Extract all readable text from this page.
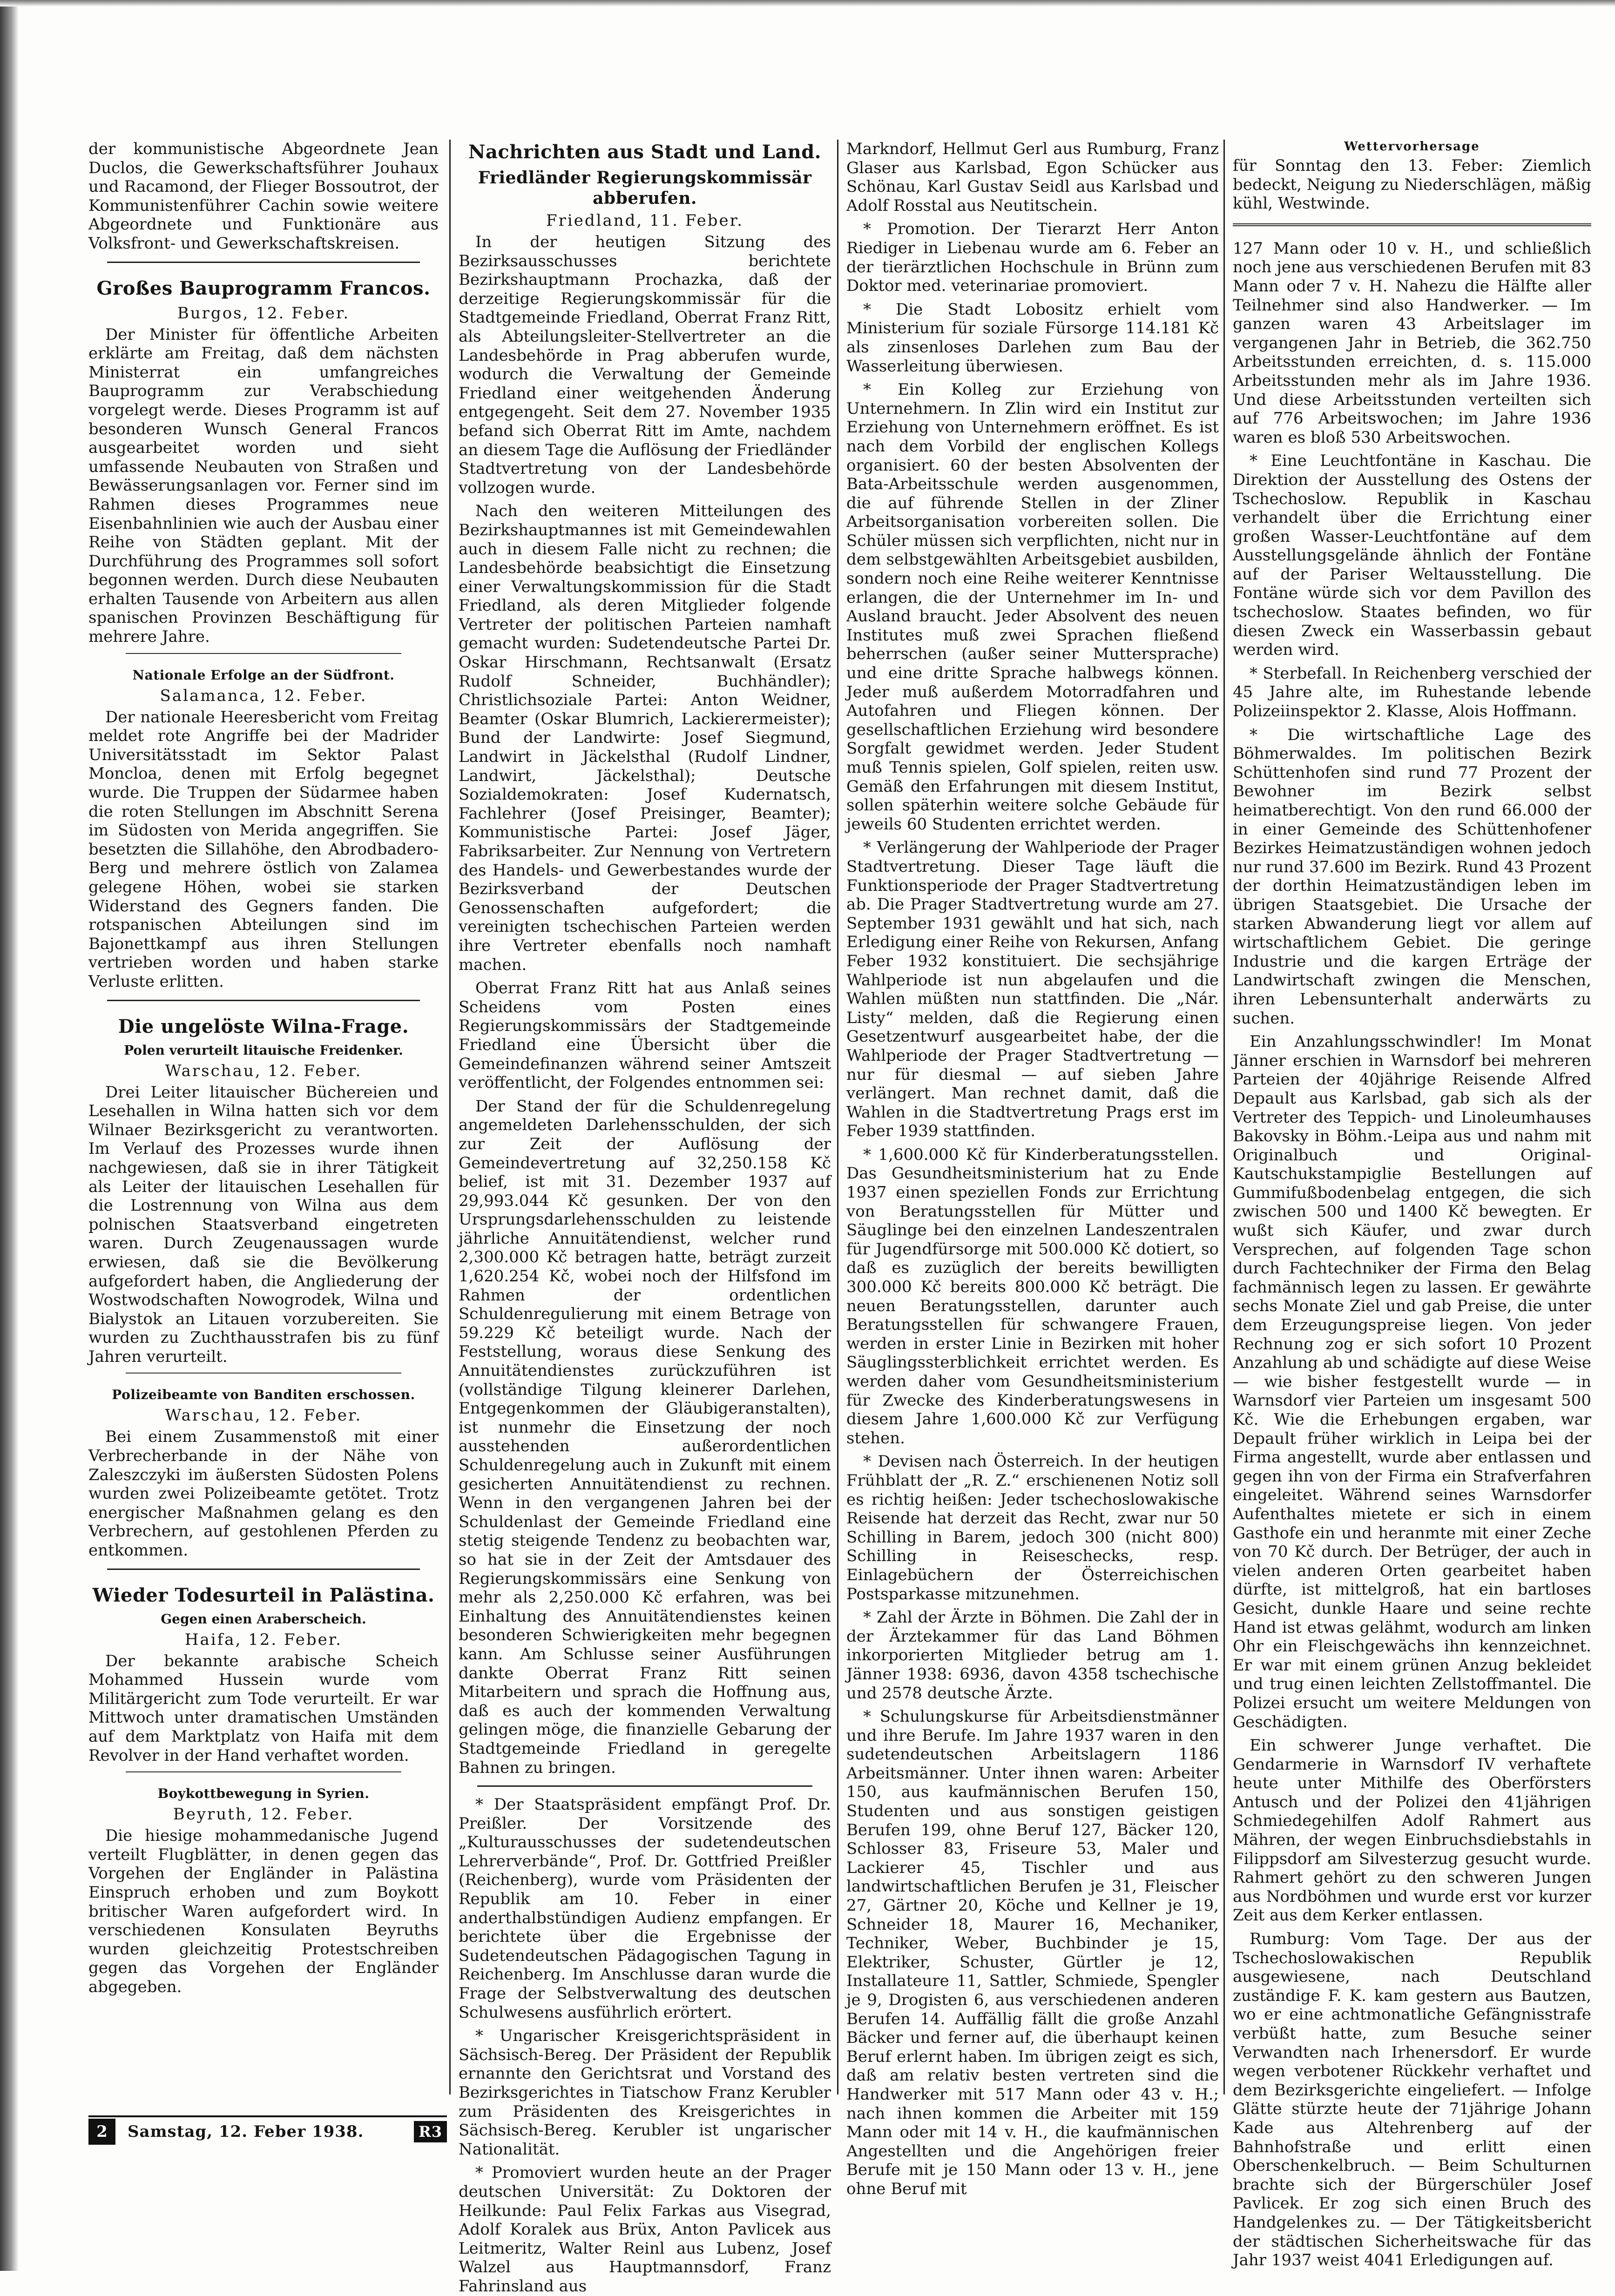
der kommunistische Abgeordnete Jean Duclos, die Gewerkschaftsführer Jouhaux und Racamond, der Flieger Bossoutrot, der Kommunistenführer Cachin sowie weitere Abgeordnete und Funktionäre aus Volksfront- und Gewerkschaftskreisen.

Großes Bauprogramm Francos.
Burgos, 12. Feber.

Der Minister für öffentliche Arbeiten erklärte am Freitag, daß dem nächsten Ministerrat ein umfangreiches Bauprogramm zur Verabschiedung vorgelegt werde. Dieses Programm ist auf besonderen Wunsch General Francos ausgearbeitet worden und sieht umfassende Neubauten von Straßen und Bewässerungsanlagen vor. Ferner sind im Rahmen dieses Programmes neue Eisenbahnlinien wie auch der Ausbau einer Reihe von Städten geplant. Mit der Durchführung des Programmes soll sofort begonnen werden. Durch diese Neubauten erhalten Tausende von Arbeitern aus allen spanischen Provinzen Beschäftigung für mehrere Jahre.

Nationale Erfolge an der Südfront.
Salamanca, 12. Feber.

Der nationale Heeresbericht vom Freitag meldet rote Angriffe bei der Madrider Universitätsstadt im Sektor Palast Moncloa, denen mit Erfolg begegnet wurde. Die Truppen der Südarmee haben die roten Stellungen im Abschnitt Serena im Südosten von Merida angegriffen. Sie besetzten die Sillahöhe, den Abrodbadero-Berg und mehrere östlich von Zalamea gelegene Höhen, wobei sie starken Widerstand des Gegners fanden. Die rotspanischen Abteilungen sind im Bajonettkampf aus ihren Stellungen vertrieben worden und haben starke Verluste erlitten.

Die ungelöste Wilna-Frage.
Polen verurteilt litauische Freidenker.
Warschau, 12. Feber.

Drei Leiter litauischer Büchereien und Lesehallen in Wilna hatten sich vor dem Wilnaer Bezirksgericht zu verantworten. Im Verlauf des Prozesses wurde ihnen nachgewiesen, daß sie in ihrer Tätigkeit als Leiter der litauischen Lesehallen für die Lostrennung von Wilna aus dem polnischen Staatsverband eingetreten waren. Durch Zeugenaussagen wurde erwiesen, daß sie die Bevölkerung aufgefordert haben, die Angliederung der Wostwodschaften Nowogrodek, Wilna und Bialystok an Litauen vorzubereiten. Sie wurden zu Zuchthausstrafen bis zu fünf Jahren verurteilt.

Polizeibeamte von Banditen erschossen.
Warschau, 12. Feber.

Bei einem Zusammenstoß mit einer Verbrecherbande in der Nähe von Zaleszczyki im äußersten Südosten Polens wurden zwei Polizeibeamte getötet. Trotz energischer Maßnahmen gelang es den Verbrechern, auf gestohlenen Pferden zu entkommen.

Wieder Todesurteil in Palästina.
Gegen einen Araberscheich.
Haifa, 12. Feber.

Der bekannte arabische Scheich Mohammed Hussein wurde vom Militärgericht zum Tode verurteilt. Er war Mittwoch unter dramatischen Umständen auf dem Marktplatz von Haifa mit dem Revolver in der Hand verhaftet worden.

Boykottbewegung in Syrien.
Beyruth, 12. Feber.

Die hiesige mohammedanische Jugend verteilt Flugblätter, in denen gegen das Vorgehen der Engländer in Palästina Einspruch erhoben und zum Boykott britischer Waren aufgefordert wird. In verschiedenen Konsulaten Beyruths wurden gleichzeitig Protestschreiben gegen das Vorgehen der Engländer abgegeben.

Nachrichten aus Stadt und Land.
Friedländer Regierungskommissär abberufen.
Friedland, 11. Feber.

In der heutigen Sitzung des Bezirksausschusses berichtete Bezirkshauptmann Prochazka, daß der derzeitige Regierungskommissär für die Stadtgemeinde Friedland, Oberrat Franz Ritt, als Abteilungsleiter-Stellvertreter an die Landesbehörde in Prag abberufen wurde, wodurch die Verwaltung der Gemeinde Friedland einer weitgehenden Änderung entgegengeht. Seit dem 27. November 1935 befand sich Oberrat Ritt im Amte, nachdem an diesem Tage die Auflösung der Friedländer Stadtvertretung von der Landesbehörde vollzogen wurde.

Nach den weiteren Mitteilungen des Bezirkshauptmannes ist mit Gemeindewahlen auch in diesem Falle nicht zu rechnen; die Landesbehörde beabsichtigt die Einsetzung einer Verwaltungskommission für die Stadt Friedland, als deren Mitglieder folgende Vertreter der politischen Parteien namhaft gemacht wurden: Sudetendeutsche Partei Dr. Oskar Hirschmann, Rechtsanwalt (Ersatz Rudolf Schneider, Buchhändler); Christlichsoziale Partei: Anton Weidner, Beamter (Oskar Blumrich, Lackierermeister); Bund der Landwirte: Josef Siegmund, Landwirt in Jäckelsthal (Rudolf Lindner, Landwirt, Jäckelsthal); Deutsche Sozialdemokraten: Josef Kudernatsch, Fachlehrer (Josef Preisinger, Beamter); Kommunistische Partei: Josef Jäger, Fabriksarbeiter. Zur Nennung von Vertretern des Handels- und Gewerbestandes wurde der Bezirksverband der Deutschen Genossenschaften aufgefordert; die vereinigten tschechischen Parteien werden ihre Vertreter ebenfalls noch namhaft machen.

Oberrat Franz Ritt hat aus Anlaß seines Scheidens vom Posten eines Regierungskommissärs der Stadtgemeinde Friedland eine Übersicht über die Gemeindefinanzen während seiner Amtszeit veröffentlicht, der Folgendes entnommen sei:

Der Stand der für die Schuldenregelung angemeldeten Darlehensschulden, der sich zur Zeit der Auflösung der Gemeindevertretung auf 32,250.158 Kč belief, ist mit 31. Dezember 1937 auf 29,993.044 Kč gesunken. Der von den Ursprungsdarlehensschulden zu leistende jährliche Annuitätendienst, welcher rund 2,300.000 Kč betragen hatte, beträgt zurzeit 1,620.254 Kč, wobei noch der Hilfsfond im Rahmen der ordentlichen Schuldenregulierung mit einem Betrage von 59.229 Kč beteiligt wurde. Nach der Feststellung, woraus diese Senkung des Annuitätendienstes zurückzuführen ist (vollständige Tilgung kleinerer Darlehen, Entgegenkommen der Gläubigeranstalten), ist nunmehr die Einsetzung der noch ausstehenden außerordentlichen Schuldenregelung auch in Zukunft mit einem gesicherten Annuitätendienst zu rechnen. Wenn in den vergangenen Jahren bei der Schuldenlast der Gemeinde Friedland eine stetig steigende Tendenz zu beobachten war, so hat sie in der Zeit der Amtsdauer des Regierungskommissärs eine Senkung von mehr als 2,250.000 Kč erfahren, was bei Einhaltung des Annuitätendienstes keinen besonderen Schwierigkeiten mehr begegnen kann. Am Schlusse seiner Ausführungen dankte Oberrat Franz Ritt seinen Mitarbeitern und sprach die Hoffnung aus, daß es auch der kommenden Verwaltung gelingen möge, die finanzielle Gebarung der Stadtgemeinde Friedland in geregelte Bahnen zu bringen.

* Der Staatspräsident empfängt Prof. Dr. Preißler. Der Vorsitzende des „Kulturausschusses der sudetendeutschen Lehrerverbände“, Prof. Dr. Gottfried Preißler (Reichenberg), wurde vom Präsidenten der Republik am 10. Feber in einer anderthalbstündigen Audienz empfangen. Er berichtete über die Ergebnisse der Sudetendeutschen Pädagogischen Tagung in Reichenberg. Im Anschlusse daran wurde die Frage der Selbstverwaltung des deutschen Schulwesens ausführlich erörtert.

* Ungarischer Kreisgerichtspräsident in Sächsisch-Bereg. Der Präsident der Republik ernannte den Gerichtsrat und Vorstand des Bezirksgerichtes in Tiatschow Franz Kerubler zum Präsidenten des Kreisgerichtes in Sächsisch-Bereg. Kerubler ist ungarischer Nationalität.

* Promoviert wurden heute an der Prager deutschen Universität: Zu Doktoren der Heilkunde: Paul Felix Farkas aus Visegrad, Adolf Koralek aus Brüx, Anton Pavlicek aus Leitmeritz, Walter Reinl aus Lubenz, Josef Walzel aus Hauptmannsdorf, Franz Fahrinsland aus

Markndorf, Hellmut Gerl aus Rumburg, Franz Glaser aus Karlsbad, Egon Schücker aus Schönau, Karl Gustav Seidl aus Karlsbad und Adolf Rosstal aus Neutitschein.

* Promotion. Der Tierarzt Herr Anton Riediger in Liebenau wurde am 6. Feber an der tierärztlichen Hochschule in Brünn zum Doktor med. veterinariae promoviert.

* Die Stadt Lobositz erhielt vom Ministerium für soziale Fürsorge 114.181 Kč als zinsenloses Darlehen zum Bau der Wasserleitung überwiesen.

* Ein Kolleg zur Erziehung von Unternehmern. In Zlin wird ein Institut zur Erziehung von Unternehmern eröffnet. Es ist nach dem Vorbild der englischen Kollegs organisiert. 60 der besten Absolventen der Bata-Arbeitsschule werden ausgenommen, die auf führende Stellen in der Zliner Arbeitsorganisation vorbereiten sollen. Die Schüler müssen sich verpflichten, nicht nur in dem selbstgewählten Arbeitsgebiet ausbilden, sondern noch eine Reihe weiterer Kenntnisse erlangen, die der Unternehmer im In- und Ausland braucht. Jeder Absolvent des neuen Institutes muß zwei Sprachen fließend beherrschen (außer seiner Muttersprache) und eine dritte Sprache halbwegs können. Jeder muß außerdem Motorradfahren und Autofahren und Fliegen können. Der gesellschaftlichen Erziehung wird besondere Sorgfalt gewidmet werden. Jeder Student muß Tennis spielen, Golf spielen, reiten usw. Gemäß den Erfahrungen mit diesem Institut, sollen späterhin weitere solche Gebäude für jeweils 60 Studenten errichtet werden.

* Verlängerung der Wahlperiode der Prager Stadtvertretung. Dieser Tage läuft die Funktionsperiode der Prager Stadtvertretung ab. Die Prager Stadtvertretung wurde am 27. September 1931 gewählt und hat sich, nach Erledigung einer Reihe von Rekursen, Anfang Feber 1932 konstituiert. Die sechsjährige Wahlperiode ist nun abgelaufen und die Wahlen müßten nun stattfinden. Die „Nár. Listy“ melden, daß die Regierung einen Gesetzentwurf ausgearbeitet habe, der die Wahlperiode der Prager Stadtvertretung — nur für diesmal — auf sieben Jahre verlängert. Man rechnet damit, daß die Wahlen in die Stadtvertretung Prags erst im Feber 1939 stattfinden.

* 1,600.000 Kč für Kinderberatungsstellen. Das Gesundheitsministerium hat zu Ende 1937 einen speziellen Fonds zur Errichtung von Beratungsstellen für Mütter und Säuglinge bei den einzelnen Landeszentralen für Jugendfürsorge mit 500.000 Kč dotiert, so daß es zuzüglich der bereits bewilligten 300.000 Kč bereits 800.000 Kč beträgt. Die neuen Beratungsstellen, darunter auch Beratungsstellen für schwangere Frauen, werden in erster Linie in Bezirken mit hoher Säuglingssterblichkeit errichtet werden. Es werden daher vom Gesundheitsministerium für Zwecke des Kinderberatungswesens in diesem Jahre 1,600.000 Kč zur Verfügung stehen.

* Devisen nach Österreich. In der heutigen Frühblatt der „R. Z.“ erschienenen Notiz soll es richtig heißen: Jeder tschechoslowakische Reisende hat derzeit das Recht, zwar nur 50 Schilling in Barem, jedoch 300 (nicht 800) Schilling in Reiseschecks, resp. Einlagebüchern der Österreichischen Postsparkasse mitzunehmen.

* Zahl der Ärzte in Böhmen. Die Zahl der in der Ärztekammer für das Land Böhmen inkorporierten Mitglieder betrug am 1. Jänner 1938: 6936, davon 4358 tschechische und 2578 deutsche Ärzte.

* Schulungskurse für Arbeitsdienstmänner und ihre Berufe. Im Jahre 1937 waren in den sudetendeutschen Arbeitslagern 1186 Arbeitsmänner. Unter ihnen waren: Arbeiter 150, aus kaufmännischen Berufen 150, Studenten und aus sonstigen geistigen Berufen 199, ohne Beruf 127, Bäcker 120, Schlosser 83, Friseure 53, Maler und Lackierer 45, Tischler und aus landwirtschaftlichen Berufen je 31, Fleischer 27, Gärtner 20, Köche und Kellner je 19, Schneider 18, Maurer 16, Mechaniker, Techniker, Weber, Buchbinder je 15, Elektriker, Schuster, Gürtler je 12, Installateure 11, Sattler, Schmiede, Spengler je 9, Drogisten 6, aus verschiedenen anderen Berufen 14. Auffällig fällt die große Anzahl Bäcker und ferner auf, die überhaupt keinen Beruf erlernt haben. Im übrigen zeigt es sich, daß am relativ besten vertreten sind die Handwerker mit 517 Mann oder 43 v. H.; nach ihnen kommen die Arbeiter mit 159 Mann oder mit 14 v. H., die kaufmännischen Angestellten und die Angehörigen freier Berufe mit je 150 Mann oder 13 v. H., jene ohne Beruf mit

Wettervorhersage

für Sonntag den 13. Feber: Ziemlich bedeckt, Neigung zu Niederschlägen, mäßig kühl, Westwinde.

127 Mann oder 10 v. H., und schließlich noch jene aus verschiedenen Berufen mit 83 Mann oder 7 v. H. Nahezu die Hälfte aller Teilnehmer sind also Handwerker. — Im ganzen waren 43 Arbeitslager im vergangenen Jahr in Betrieb, die 362.750 Arbeitsstunden erreichten, d. s. 115.000 Arbeitsstunden mehr als im Jahre 1936. Und diese Arbeitsstunden verteilten sich auf 776 Arbeitswochen; im Jahre 1936 waren es bloß 530 Arbeitswochen.

* Eine Leuchtfontäne in Kaschau. Die Direktion der Ausstellung des Ostens der Tschechoslow. Republik in Kaschau verhandelt über die Errichtung einer großen Wasser-Leuchtfontäne auf dem Ausstellungsgelände ähnlich der Fontäne auf der Pariser Weltausstellung. Die Fontäne würde sich vor dem Pavillon des tschechoslow. Staates befinden, wo für diesen Zweck ein Wasserbassin gebaut werden wird.

* Sterbefall. In Reichenberg verschied der 45 Jahre alte, im Ruhestande lebende Polizeiinspektor 2. Klasse, Alois Hoffmann.

* Die wirtschaftliche Lage des Böhmerwaldes. Im politischen Bezirk Schüttenhofen sind rund 77 Prozent der Bewohner im Bezirk selbst heimatberechtigt. Von den rund 66.000 der in einer Gemeinde des Schüttenhofener Bezirkes Heimatzuständigen wohnen jedoch nur rund 37.600 im Bezirk. Rund 43 Prozent der dorthin Heimatzuständigen leben im übrigen Staatsgebiet. Die Ursache der starken Abwanderung liegt vor allem auf wirtschaftlichem Gebiet. Die geringe Industrie und die kargen Erträge der Landwirtschaft zwingen die Menschen, ihren Lebensunterhalt anderwärts zu suchen.

Ein Anzahlungsschwindler! Im Monat Jänner erschien in Warnsdorf bei mehreren Parteien der 40jährige Reisende Alfred Depault aus Karlsbad, gab sich als der Vertreter des Teppich- und Linoleumhauses Bakovsky in Böhm.-Leipa aus und nahm mit Originalbuch und Original-Kautschukstampiglie Bestellungen auf Gummifußbodenbelag entgegen, die sich zwischen 500 und 1400 Kč bewegten. Er wußt sich Käufer, und zwar durch Versprechen, auf folgenden Tage schon durch Fachtechniker der Firma den Belag fachmännisch legen zu lassen. Er gewährte sechs Monate Ziel und gab Preise, die unter dem Erzeugungspreise liegen. Von jeder Rechnung zog er sich sofort 10 Prozent Anzahlung ab und schädigte auf diese Weise — wie bisher festgestellt wurde — in Warnsdorf vier Parteien um insgesamt 500 Kč. Wie die Erhebungen ergaben, war Depault früher wirklich in Leipa bei der Firma angestellt, wurde aber entlassen und gegen ihn von der Firma ein Strafverfahren eingeleitet. Während seines Warnsdorfer Aufenthaltes mietete er sich in einem Gasthofe ein und heranmte mit einer Zeche von 70 Kč durch. Der Betrüger, der auch in vielen anderen Orten gearbeitet haben dürfte, ist mittelgroß, hat ein bartloses Gesicht, dunkle Haare und seine rechte Hand ist etwas gelähmt, wodurch am linken Ohr ein Fleischgewächs ihn kennzeichnet. Er war mit einem grünen Anzug bekleidet und trug einen leichten Zellstoffmantel. Die Polizei ersucht um weitere Meldungen von Geschädigten.

Ein schwerer Junge verhaftet. Die Gendarmerie in Warnsdorf IV verhaftete heute unter Mithilfe des Oberförsters Antusch und der Polizei den 41jährigen Schmiedegehilfen Adolf Rahmert aus Mähren, der wegen Einbruchsdiebstahls in Filippsdorf am Silvesterzug gesucht wurde. Rahmert gehört zu den schweren Jungen aus Nordböhmen und wurde erst vor kurzer Zeit aus dem Kerker entlassen.

Rumburg: Vom Tage. Der aus der Tschechoslowakischen Republik ausgewiesene, nach Deutschland zuständige F. K. kam gestern aus Bautzen, wo er eine achtmonatliche Gefängnisstrafe verbüßt hatte, zum Besuche seiner Verwandten nach Irhenersdorf. Er wurde wegen verbotener Rückkehr verhaftet und dem Bezirksgerichte eingeliefert. — Infolge Glätte stürzte heute der 71jährige Johann Kade aus Altehrenberg auf der Bahnhofstraße und erlitt einen Oberschenkelbruch. — Beim Schulturnen brachte sich der Bürgerschüler Josef Pavlicek. Er zog sich einen Bruch des Handgelenkes zu. — Der Tätigkeitsbericht der städtischen Sicherheitswache für das Jahr 1937 weist 4041 Erledigungen auf.

2	Samstag, 12. Feber 1938.	R3
